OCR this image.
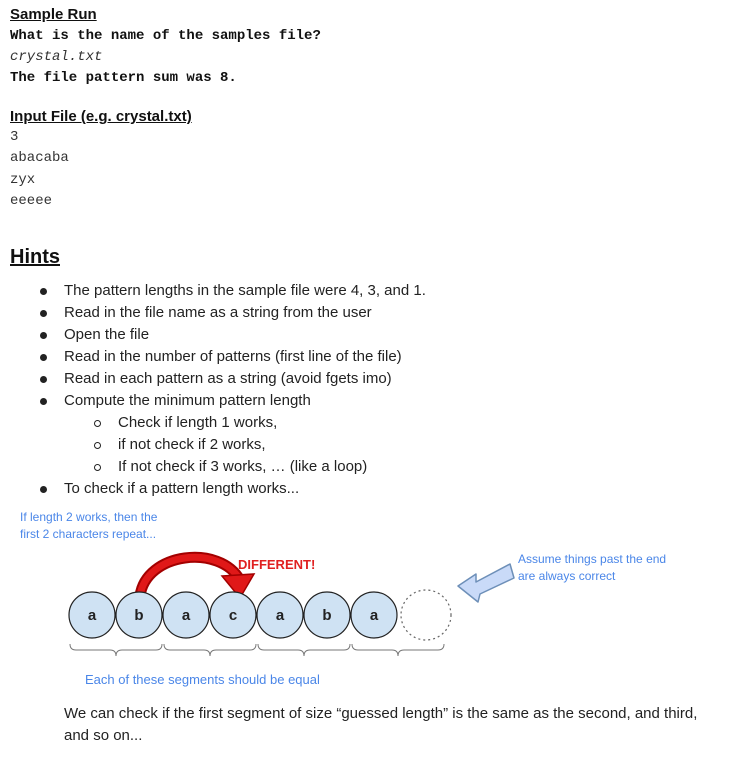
Sample Run
What is the name of the samples file?
crystal.txt
The file pattern sum was 8.
Input File (e.g. crystal.txt)
3
abacaba
zyx
eeeee
Hints
The pattern lengths in the sample file were 4, 3, and 1.
Read in the file name as a string from the user
Open the file
Read in the number of patterns (first line of the file)
Read in each pattern as a string (avoid fgets imo)
Compute the minimum pattern length
Check if length 1 works,
if not check if 2 works,
If not check if 3 works, … (like a loop)
To check if a pattern length works...
If length 2 works, then the
first 2 characters repeat...
Assume things past the end
are always correct
DIFFERENT!
a	b	a	c	a	b	a
Each of these segments should be equal
We can check if the first segment of size “guessed length” is the same as the second, and third, and so on...
